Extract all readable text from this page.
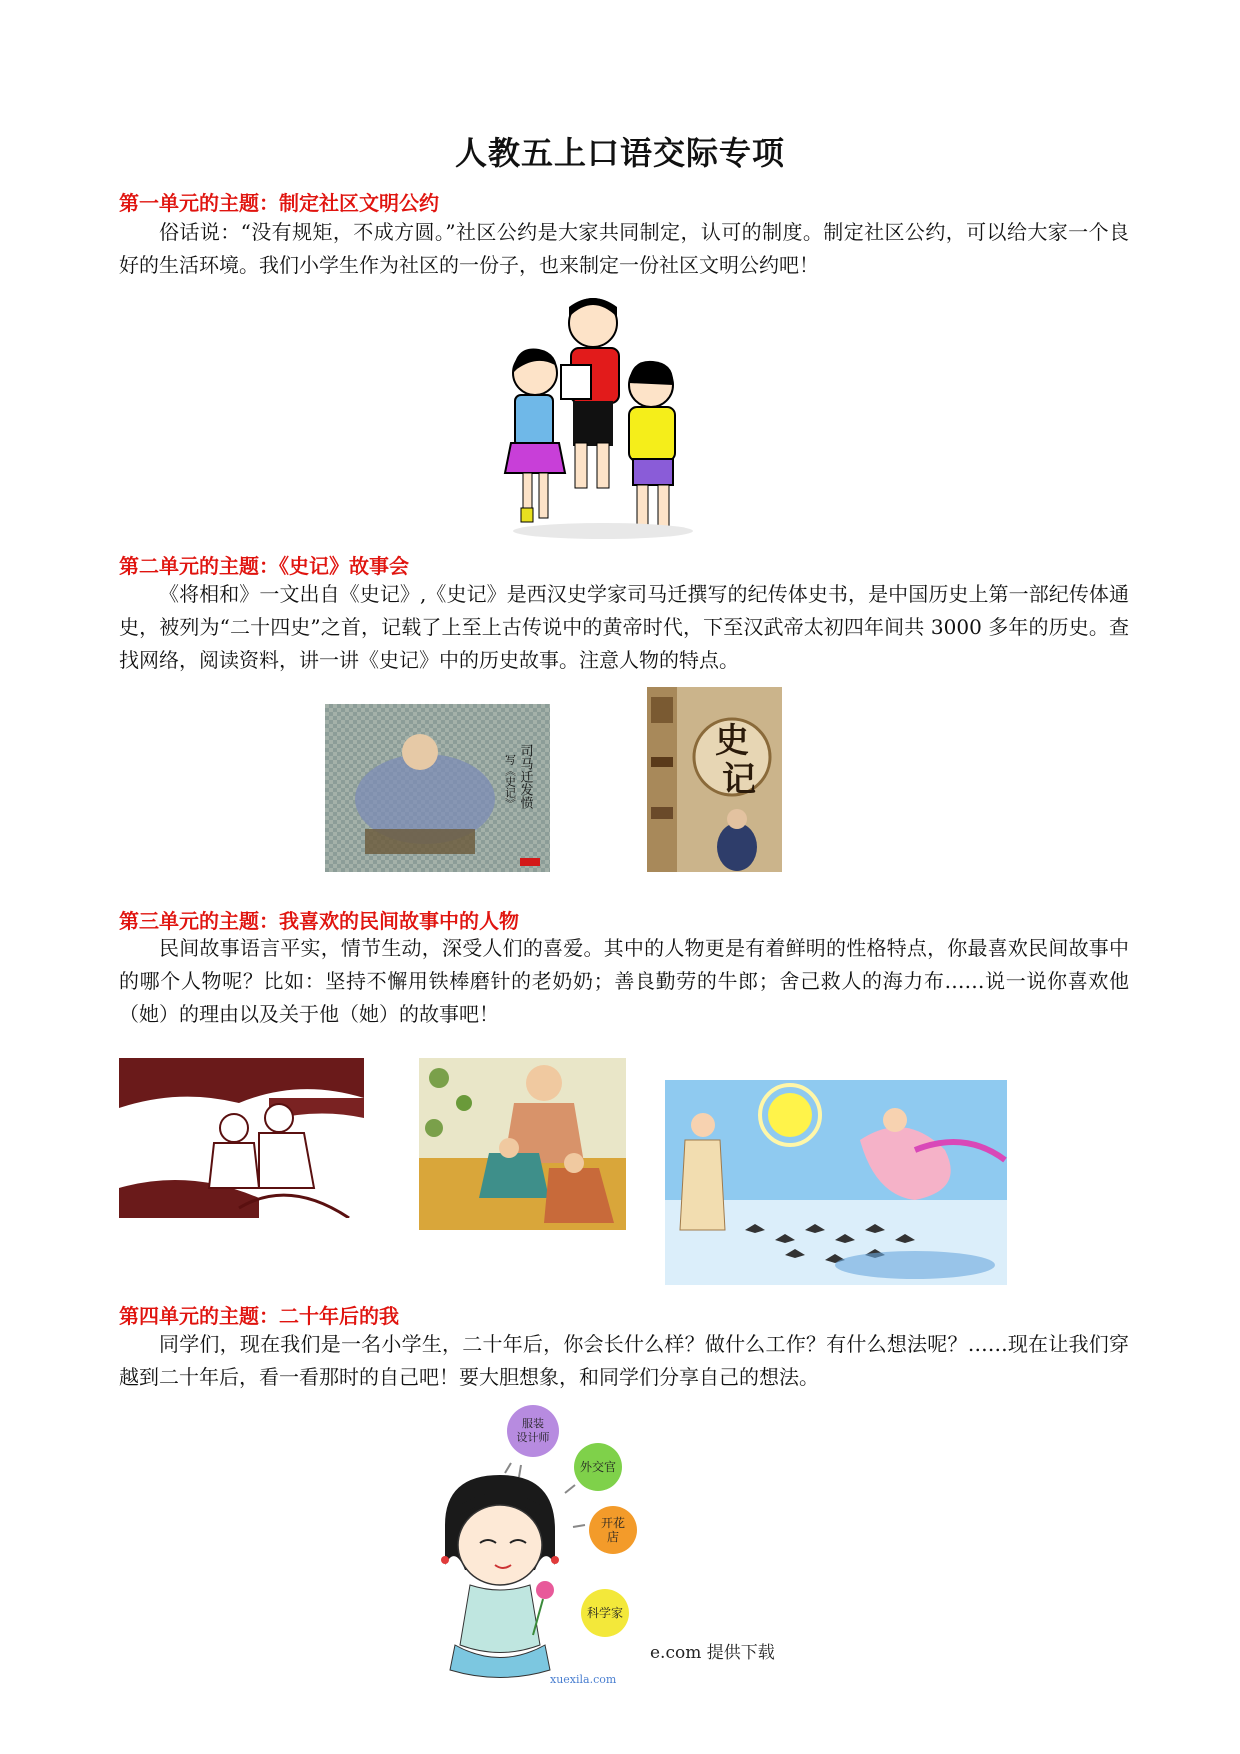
人教五上口语交际专项
第一单元的主题：制定社区文明公约

俗话说：“没有规矩，不成方圆。”社区公约是大家共同制定，认可的制度。制定社区公约，可以给大家一个良好的生活环境。我们小学生作为社区的一份子，也来制定一份社区文明公约吧！

第二单元的主题：《史记》故事会

《将相和》一文出自《史记》,《史记》是西汉史学家司马迁撰写的纪传体史书，是中国历史上第一部纪传体通史，被列为“二十四史”之首，记载了上至上古传说中的黄帝时代，下至汉武帝太初四年间共 3000 多年的历史。查找网络，阅读资料，讲一讲《史记》中的历史故事。注意人物的特点。

司马迁发愤
写《史记》
史
记
第三单元的主题：我喜欢的民间故事中的人物

民间故事语言平实，情节生动，深受人们的喜爱。其中的人物更是有着鲜明的性格特点，你最喜欢民间故事中的哪个人物呢？比如：坚持不懈用铁棒磨针的老奶奶；善良勤劳的牛郎；舍己救人的海力布……说一说你喜欢他（她）的理由以及关于他（她）的故事吧！

第四单元的主题：二十年后的我

同学们，现在我们是一名小学生，二十年后，你会长什么样？做什么工作？有什么想法呢？……现在让我们穿越到二十年后，看一看那时的自己吧！要大胆想象，和同学们分享自己的想法。

服装
设计师
外交官
开花
店
科学家
xuexila.com
e.com 提供下载
